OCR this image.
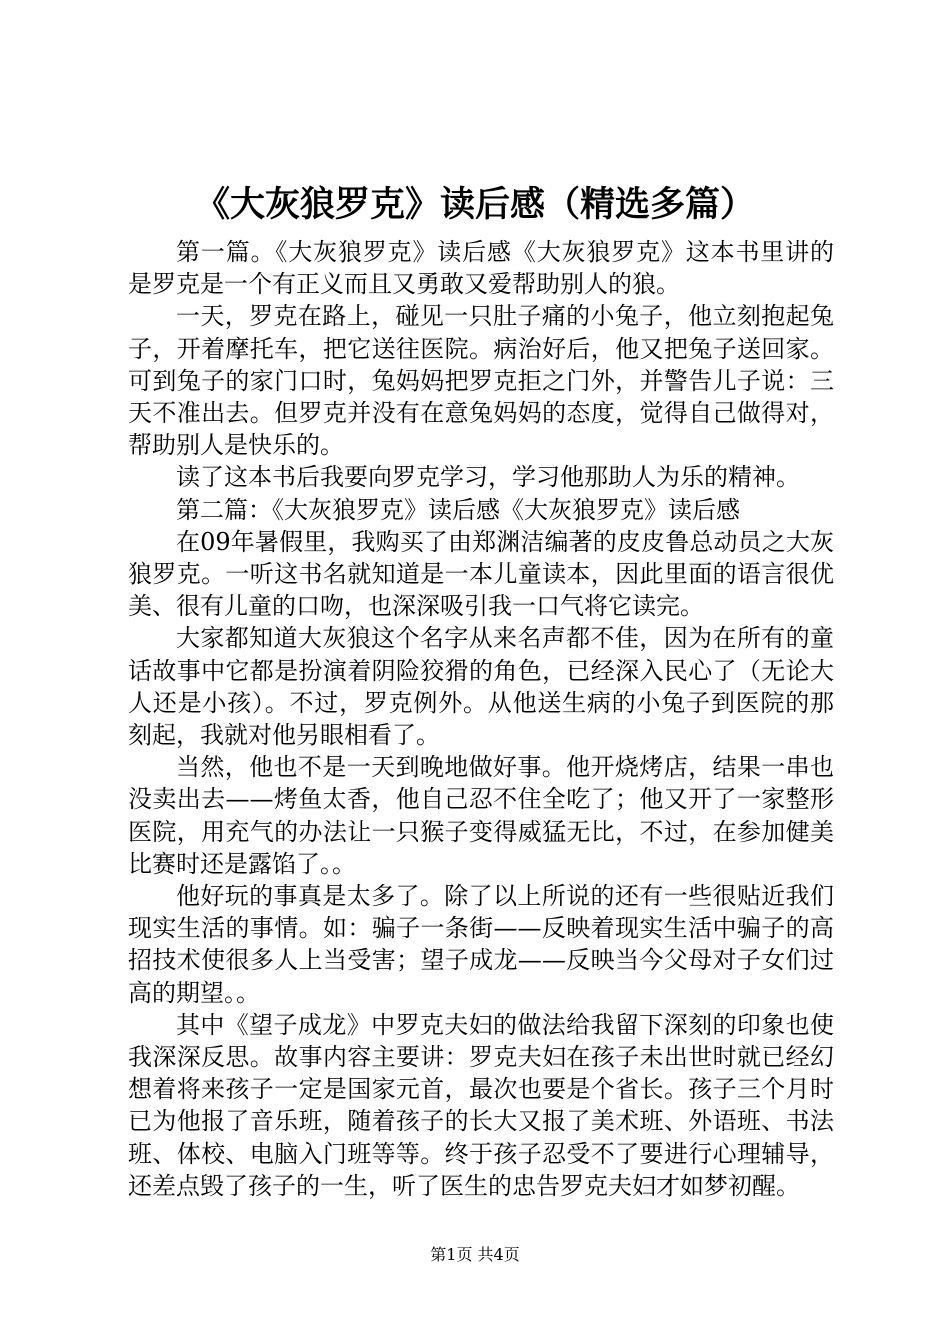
《大灰狼罗克》读后感（精选多篇）

第一篇。《大灰狼罗克》读后感《大灰狼罗克》这本书里讲的是罗克是一个有正义而且又勇敢又爱帮助别人的狼。

一天，罗克在路上，碰见一只肚子痛的小兔子，他立刻抱起兔子，开着摩托车，把它送往医院。病治好后，他又把兔子送回家。可到兔子的家门口时，兔妈妈把罗克拒之门外，并警告儿子说：三天不准出去。但罗克并没有在意兔妈妈的态度，觉得自己做得对，帮助别人是快乐的。

读了这本书后我要向罗克学习，学习他那助人为乐的精神。

第二篇：《大灰狼罗克》读后感《大灰狼罗克》读后感

在09年暑假里，我购买了由郑渊洁编著的皮皮鲁总动员之大灰狼罗克。一听这书名就知道是一本儿童读本，因此里面的语言很优美、很有儿童的口吻，也深深吸引我一口气将它读完。

大家都知道大灰狼这个名字从来名声都不佳，因为在所有的童话故事中它都是扮演着阴险狡猾的角色，已经深入民心了（无论大人还是小孩）。不过，罗克例外。从他送生病的小兔子到医院的那刻起，我就对他另眼相看了。

当然，他也不是一天到晚地做好事。他开烧烤店，结果一串也没卖出去——烤鱼太香，他自己忍不住全吃了；他又开了一家整形医院，用充气的办法让一只猴子变得威猛无比，不过，在参加健美比赛时还是露馅了。。

他好玩的事真是太多了。除了以上所说的还有一些很贴近我们现实生活的事情。如：骗子一条街——反映着现实生活中骗子的高招技术使很多人上当受害；望子成龙——反映当今父母对子女们过高的期望。。

其中《望子成龙》中罗克夫妇的做法给我留下深刻的印象也使我深深反思。故事内容主要讲：罗克夫妇在孩子未出世时就已经幻想着将来孩子一定是国家元首，最次也要是个省长。孩子三个月时已为他报了音乐班，随着孩子的长大又报了美术班、外语班、书法班、体校、电脑入门班等等。终于孩子忍受不了要进行心理辅导，还差点毁了孩子的一生，听了医生的忠告罗克夫妇才如梦初醒。

第1页 共4页
